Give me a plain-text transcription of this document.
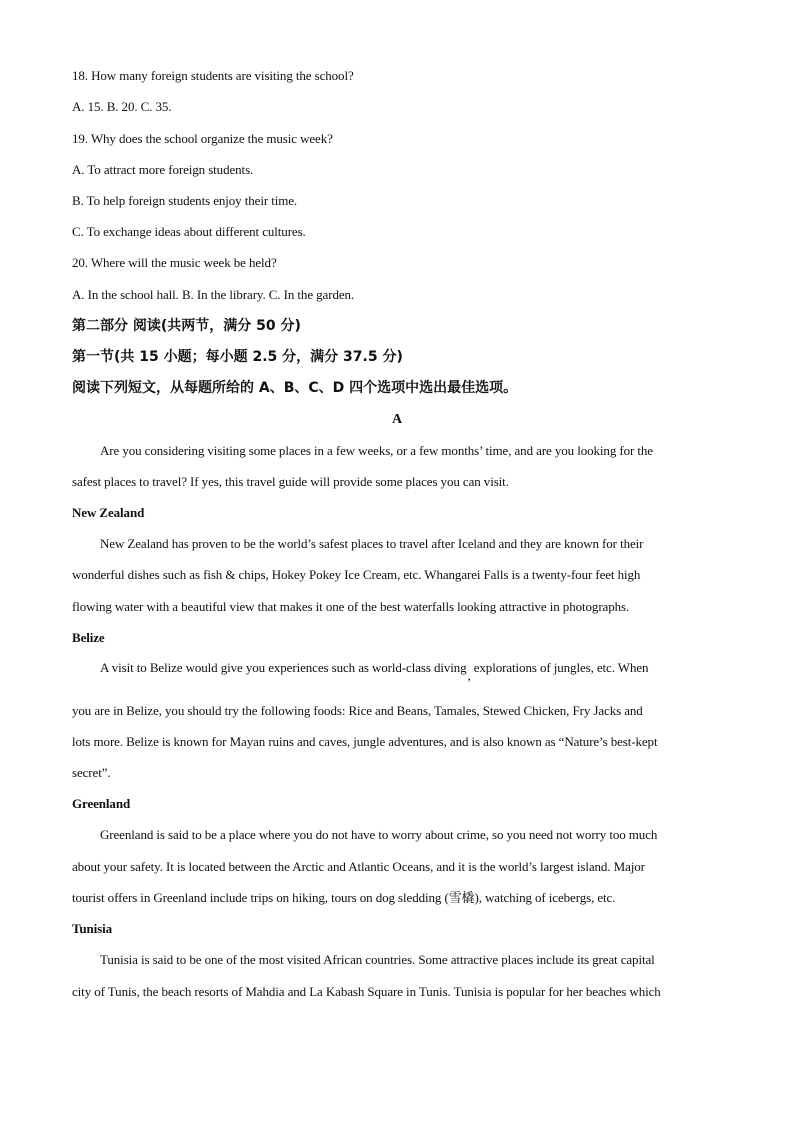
18. How many foreign students are visiting the school?
A. 15. B. 20. C. 35.
19. Why does the school organize the music week?
A. To attract more foreign students.
B. To help foreign students enjoy their time.
C. To exchange ideas about different cultures.
20. Where will the music week be held?
A. In the school hall. B. In the library. C. In the garden.
第二部分 阅读(共两节，满分 50 分)
第一节(共 15 小题；每小题 2.5 分，满分 37.5 分)
阅读下列短文，从每题所给的 A、B、C、D 四个选项中选出最佳选项。
A
Are you considering visiting some places in a few weeks, or a few months’ time, and are you looking for the
safest places to travel? If yes, this travel guide will provide some places you can visit.
New Zealand
New Zealand has proven to be the world’s safest places to travel after Iceland and they are known for their
wonderful dishes such as fish & chips, Hokey Pokey Ice Cream, etc. Whangarei Falls is a twenty-four feet high
flowing water with a beautiful view that makes it one of the best waterfalls looking attractive in photographs.
Belize
A visit to Belize would give you experiences such as world-class diving,explorations of jungles, etc. When
you are in Belize, you should try the following foods: Rice and Beans, Tamales, Stewed Chicken, Fry Jacks and
lots more. Belize is known for Mayan ruins and caves, jungle adventures, and is also known as “Nature’s best-kept
secret”.
Greenland
Greenland is said to be a place where you do not have to worry about crime, so you need not worry too much
about your safety. It is located between the Arctic and Atlantic Oceans, and it is the world’s largest island. Major
tourist offers in Greenland include trips on hiking, tours on dog sledding (雪橇), watching of icebergs, etc.
Tunisia
Tunisia is said to be one of the most visited African countries. Some attractive places include its great capital
city of Tunis, the beach resorts of Mahdia and La Kabash Square in Tunis. Tunisia is popular for her beaches which
